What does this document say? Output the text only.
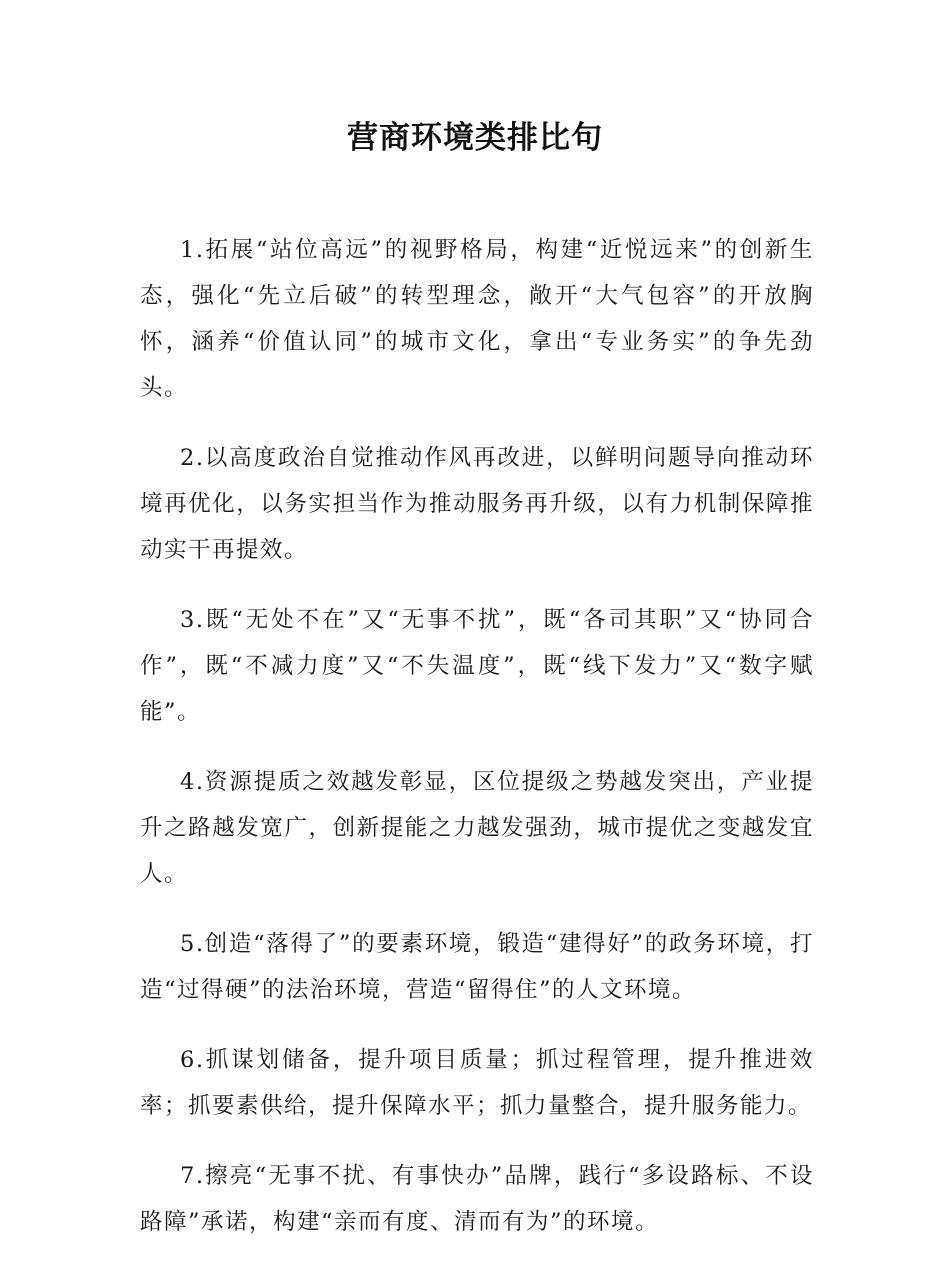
营商环境类排比句

1.拓展“站位高远”的视野格局，构建“近悦远来”的创新生态，强化“先立后破”的转型理念，敞开“大气包容”的开放胸怀，涵养“价值认同”的城市文化，拿出“专业务实”的争先劲头。

2.以高度政治自觉推动作风再改进，以鲜明问题导向推动环境再优化，以务实担当作为推动服务再升级，以有力机制保障推动实干再提效。

3.既“无处不在”又“无事不扰”，既“各司其职”又“协同合作”，既“不减力度”又“不失温度”，既“线下发力”又“数字赋能”。

4.资源提质之效越发彰显，区位提级之势越发突出，产业提升之路越发宽广，创新提能之力越发强劲，城市提优之变越发宜人。

5.创造“落得了”的要素环境，锻造“建得好”的政务环境，打造“过得硬”的法治环境，营造“留得住”的人文环境。

6.抓谋划储备，提升项目质量；抓过程管理，提升推进效率；抓要素供给，提升保障水平；抓力量整合，提升服务能力。

7.擦亮“无事不扰、有事快办”品牌，践行“多设路标、不设路障”承诺，构建“亲而有度、清而有为”的环境。
